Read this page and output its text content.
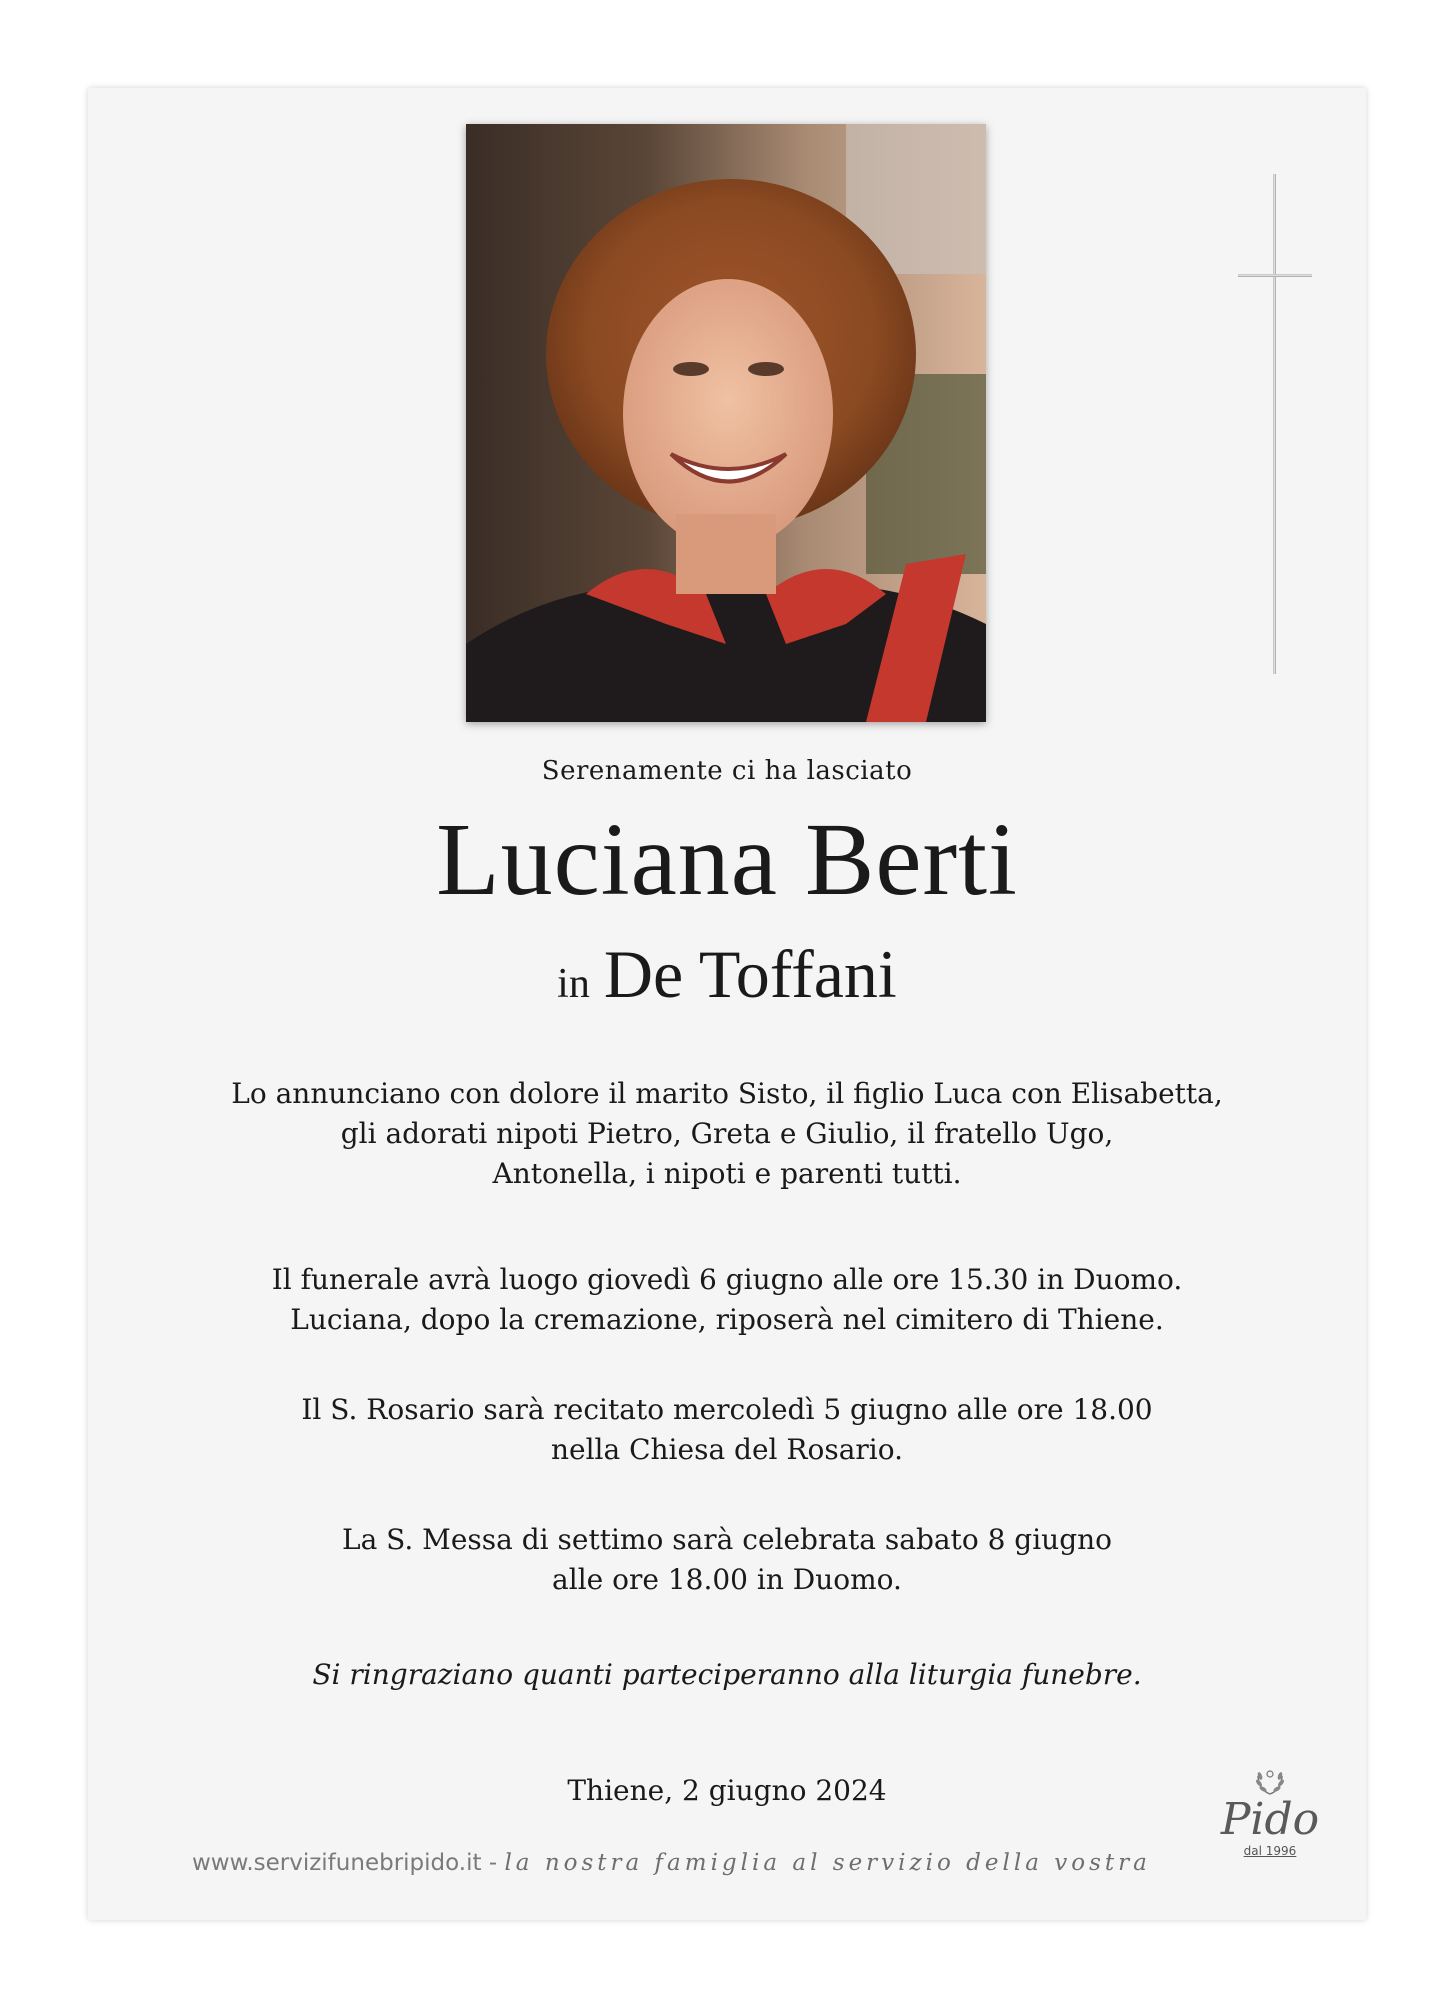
Serenamente ci ha lasciato
Luciana Berti
in De Toffani
Lo annunciano con dolore il marito Sisto, il figlio Luca con Elisabetta,
gli adorati nipoti Pietro, Greta e Giulio, il fratello Ugo,
Antonella, i nipoti e parenti tutti.
Il funerale avrà luogo giovedì 6 giugno alle ore 15.30 in Duomo.
Luciana, dopo la cremazione, riposerà nel cimitero di Thiene.
Il S. Rosario sarà recitato mercoledì 5 giugno alle ore 18.00
nella Chiesa del Rosario.
La S. Messa di settimo sarà celebrata sabato 8 giugno
alle ore 18.00 in Duomo.
Si ringraziano quanti parteciperanno alla liturgia funebre.
Thiene, 2 giugno 2024
www.servizifunebripido.it - la nostra famiglia al servizio della vostra
Pido
dal 1996
